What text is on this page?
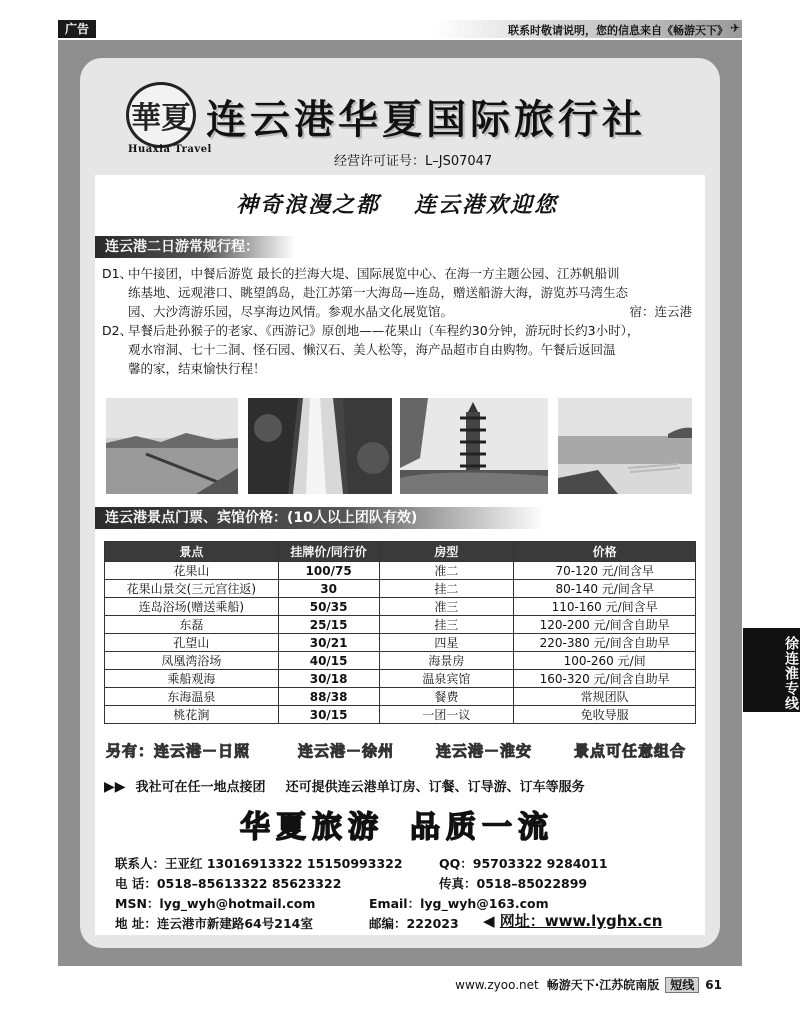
广告	联系时敬请说明，您的信息来自《畅游天下》 ✈
華夏
Huaxia Travel
连云港华夏国际旅行社
经营许可证号：L–JS07047
神奇浪漫之都 连云港欢迎您
连云港二日游常规行程：
D1、中午接团，中餐后游览 最长的拦海大堤、国际展览中心、在海一方主题公园、江苏帆船训
练基地、远观港口、眺望鸽岛，赴江苏第一大海岛—连岛，赠送船游大海，游览苏马湾生态
园、大沙湾游乐园，尽享海边风情。参观水晶文化展览馆。	宿：连云港
D2、早餐后赴孙猴子的老家、《西游记》原创地——花果山（车程约30分钟，游玩时长约3小时），
观水帘洞、七十二洞、怪石园、懒汉石、美人松等，海产品超市自由购物。午餐后返回温
馨的家，结束愉快行程！
连云港景点门票、宾馆价格：(10人以上团队有效)
景点	挂牌价/同行价	房型	价格
花果山	100/75	准二	70-120 元/间含早
花果山景交(三元宫往返)	30	挂二	80-140 元/间含早
连岛浴场(赠送乘船)	50/35	准三	110-160 元/间含早
东磊	25/15	挂三	120-200 元/间含自助早
孔望山	30/21	四星	220-380 元/间含自助早
凤凰湾浴场	40/15	海景房	100-260 元/间
乘船观海	30/18	温泉宾馆	160-320 元/间含自助早
东海温泉	88/38	餐费	常规团队
桃花涧	30/15	一团一议	免收导服
另有：连云港－日照	连云港－徐州	连云港－淮安	景点可任意组合
▶▶ 我社可在任一地点接团 还可提供连云港单订房、订餐、订导游、订车等服务
华夏旅游 品质一流
联系人：王亚红 13016913322 15150993322	QQ：95703322 9284011
电 话：0518–85613322 85623322	传真：0518–85022899
MSN：lyg_wyh@hotmail.com	Email：lyg_wyh@163.com
地 址：连云港市新建路64号214室	邮编：222023 ◀ 网址：www.lyghx.cn
徐连淮专线
www.zyoo.net 畅游天下·江苏皖南版 短线 61
